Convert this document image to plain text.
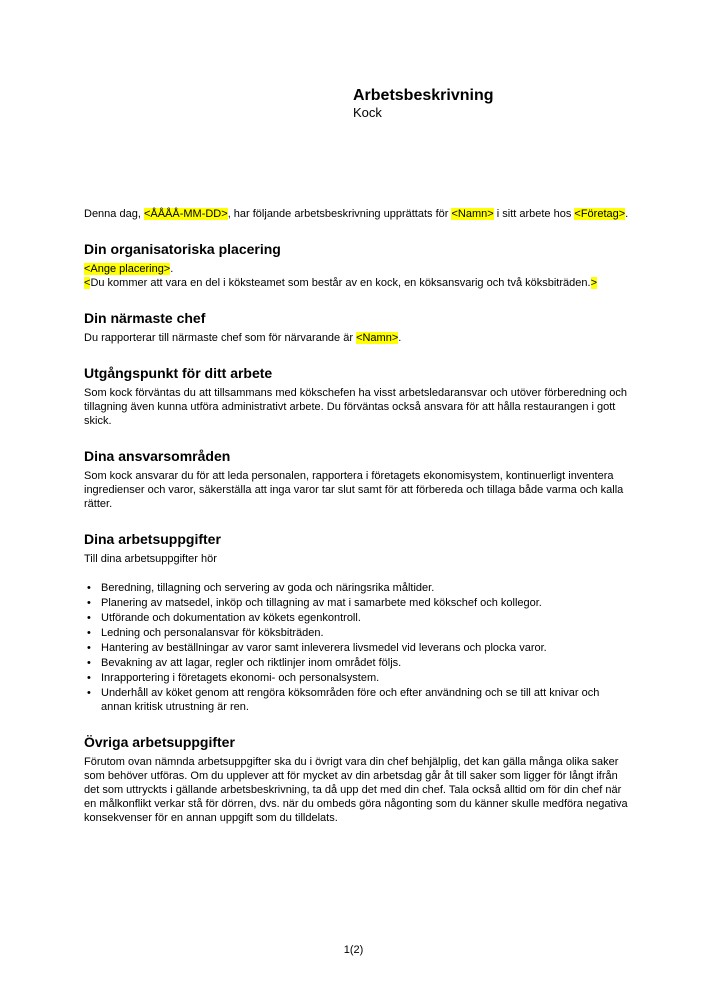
Arbetsbeskrivning
Kock

Denna dag, <ÅÅÅÅ-MM-DD>, har följande arbetsbeskrivning upprättats för <Namn> i sitt arbete hos <Företag>.

Din organisatoriska placering

<Ange placering>.

<Du kommer att vara en del i köksteamet som består av en kock, en köksansvarig och två köksbiträden.>

Din närmaste chef

Du rapporterar till närmaste chef som för närvarande är <Namn>.

Utgångspunkt för ditt arbete

Som kock förväntas du att tillsammans med kökschefen ha visst arbetsledaransvar och utöver förberedning och tillagning även kunna utföra administrativt arbete. Du förväntas också ansvara för att hålla restaurangen i gott skick.

Dina ansvarsområden

Som kock ansvarar du för att leda personalen, rapportera i företagets ekonomisystem, kontinuerligt inventera ingredienser och varor, säkerställa att inga varor tar slut samt för att förbereda och tillaga både varma och kalla rätter.

Dina arbetsuppgifter

Till dina arbetsuppgifter hör

• Beredning, tillagning och servering av goda och näringsrika måltider.
• Planering av matsedel, inköp och tillagning av mat i samarbete med kökschef och kollegor.
• Utförande och dokumentation av kökets egenkontroll.
• Ledning och personalansvar för köksbiträden.
• Hantering av beställningar av varor samt inleverera livsmedel vid leverans och plocka varor.
• Bevakning av att lagar, regler och riktlinjer inom området följs.
• Inrapportering i företagets ekonomi- och personalsystem.
• Underhåll av köket genom att rengöra köksområden före och efter användning och se till att knivar och annan kritisk utrustning är ren.
Övriga arbetsuppgifter

Förutom ovan nämnda arbetsuppgifter ska du i övrigt vara din chef behjälplig, det kan gälla många olika saker som behöver utföras. Om du upplever att för mycket av din arbetsdag går åt till saker som ligger för långt ifrån det som uttryckts i gällande arbetsbeskrivning, ta då upp det med din chef. Tala också alltid om för din chef när en målkonflikt verkar stå för dörren, dvs. när du ombeds göra någonting som du känner skulle medföra negativa konsekvenser för en annan uppgift som du tilldelats.

1(2)
